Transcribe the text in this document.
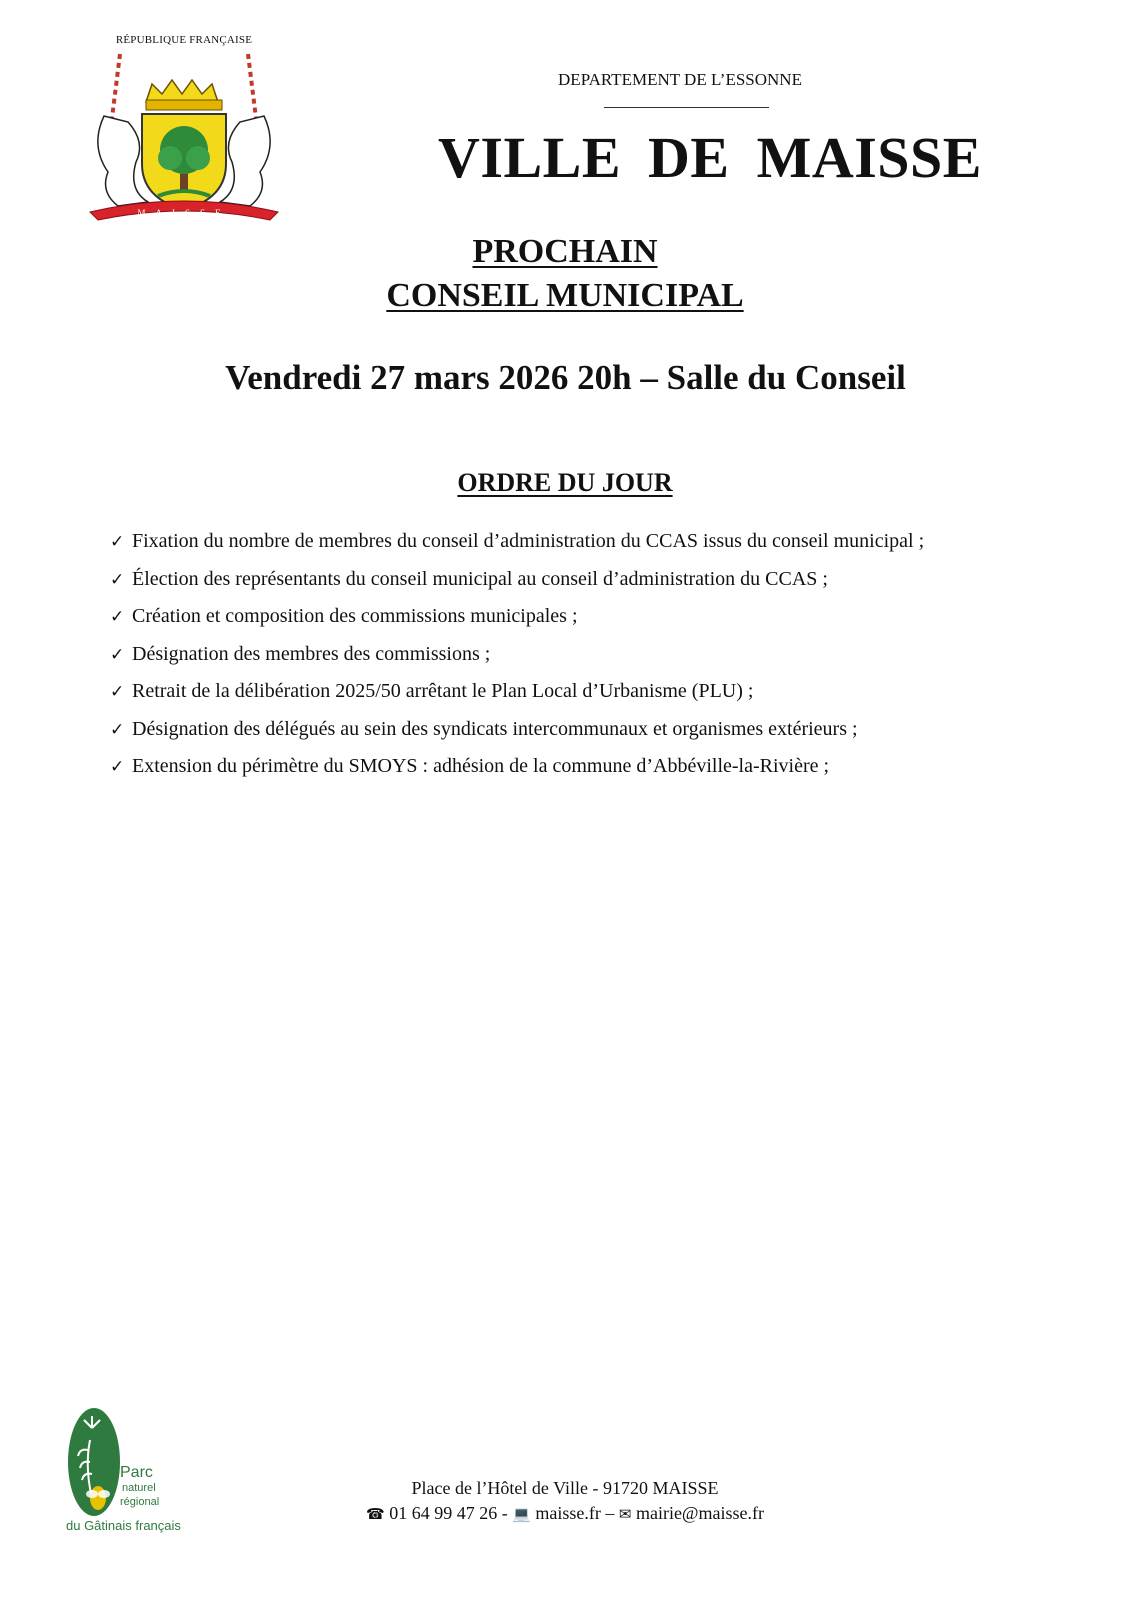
RÉPUBLIQUE FRANÇAISE
MAISSE
DEPARTEMENT DE L’ESSONNE
VILLE DE MAISSE
PROCHAIN
CONSEIL MUNICIPAL
Vendredi 27 mars 2026 20h – Salle du Conseil
ORDRE DU JOUR
✓ Fixation du nombre de membres du conseil d’administration du CCAS issus du conseil municipal ;
✓ Élection des représentants du conseil municipal au conseil d’administration du CCAS ;
✓ Création et composition des commissions municipales ;
✓ Désignation des membres des commissions ;
✓ Retrait de la délibération 2025/50 arrêtant le Plan Local d’Urbanisme (PLU) ;
✓ Désignation des délégués au sein des syndicats intercommunaux et organismes extérieurs ;
✓ Extension du périmètre du SMOYS : adhésion de la commune d’Abbéville-la-Rivière ;
Parc
naturel
régional
du Gâtinais français
Place de l’Hôtel de Ville - 91720 MAISSE
☎ 01 64 99 47 26 - 💻 maisse.fr – ✉ mairie@maisse.fr
